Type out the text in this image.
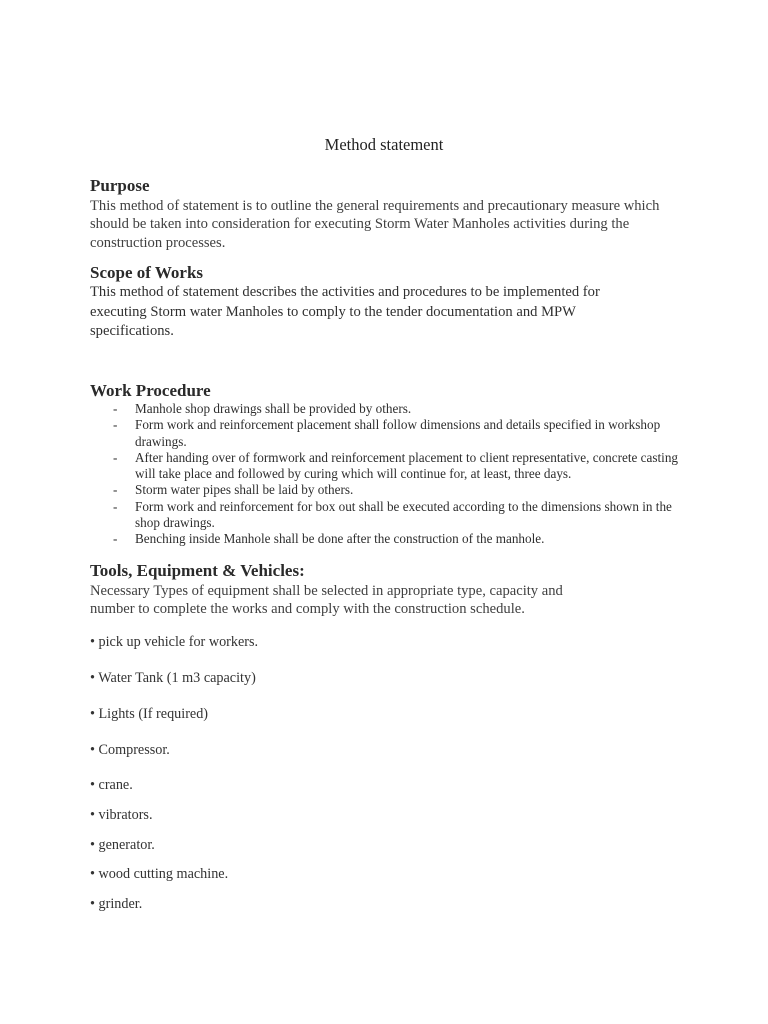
Method statement
Purpose

This method of statement is to outline the general requirements and precautionary measure which should be taken into consideration for executing Storm Water Manholes activities during the construction processes.

Scope of Works

This method of statement describes the activities and procedures to be implemented for executing Storm water Manholes to comply to the tender documentation and MPW specifications.

Work Procedure
- Manhole shop drawings shall be provided by others.
- Form work and reinforcement placement shall follow dimensions and details specified in workshop drawings.
- After handing over of formwork and reinforcement placement to client representative, concrete casting will take place and followed by curing which will continue for, at least, three days.
- Storm water pipes shall be laid by others.
- Form work and reinforcement for box out shall be executed according to the dimensions shown in the shop drawings.
- Benching inside Manhole shall be done after the construction of the manhole.
Tools, Equipment & Vehicles:

Necessary Types of equipment shall be selected in appropriate type, capacity and number to complete the works and comply with the construction schedule.

• pick up vehicle for workers.
• Water Tank (1 m3 capacity)
• Lights (If required)
• Compressor.
• crane.
• vibrators.
• generator.
• wood cutting machine.
• grinder.
